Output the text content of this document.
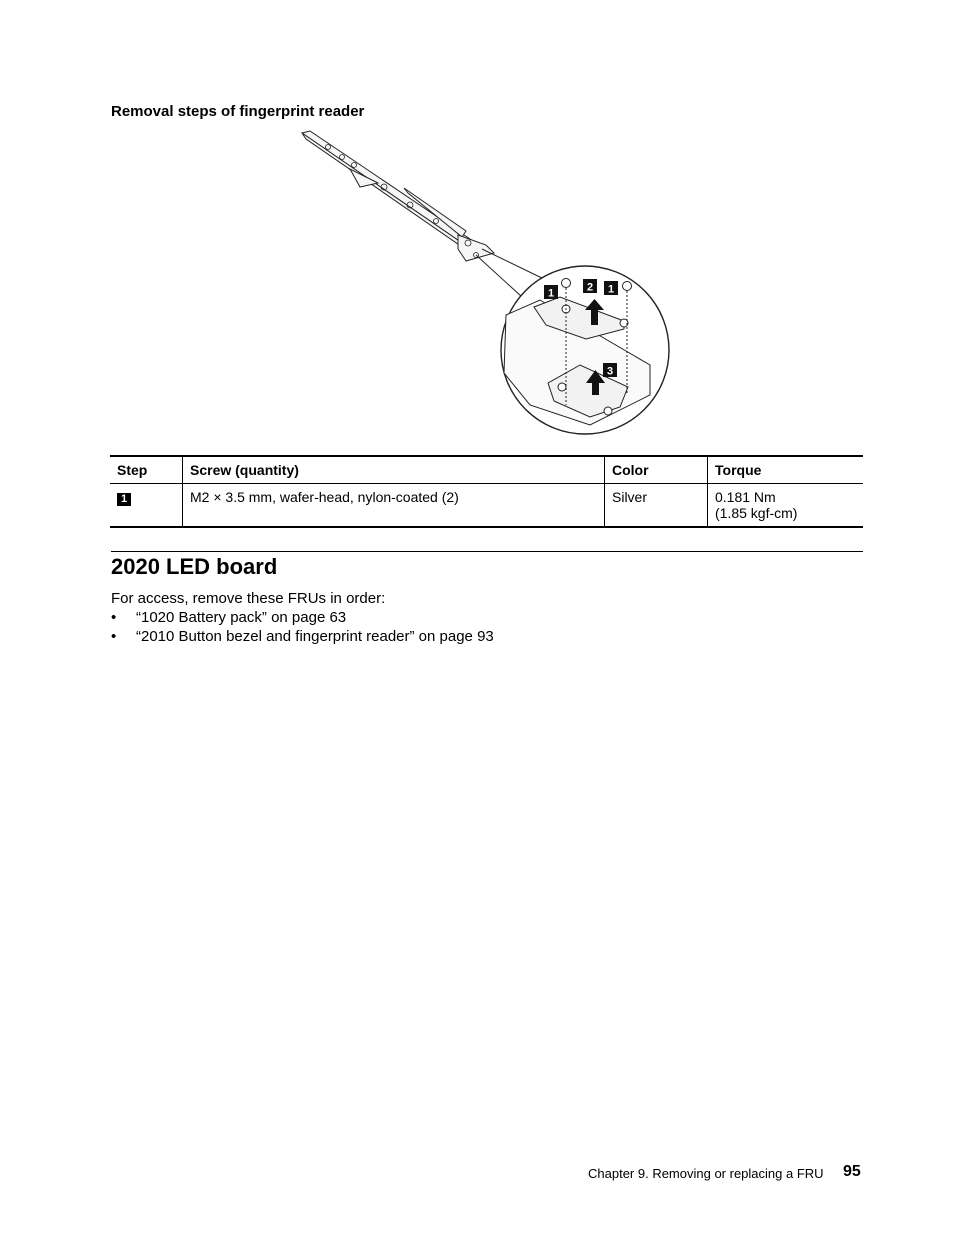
Removal steps of fingerprint reader
1	2 1
3
Step	Screw (quantity)	Color	Torque
1	M2 × 3.5 mm, wafer-head, nylon-coated (2)	Silver	0.181 Nm
(1.85 kgf-cm)
2020 LED board
For access, remove these FRUs in order:
• “1020 Battery pack” on page 63
• “2010 Button bezel and fingerprint reader” on page 93
Chapter 9. Removing or replacing a FRU 95
